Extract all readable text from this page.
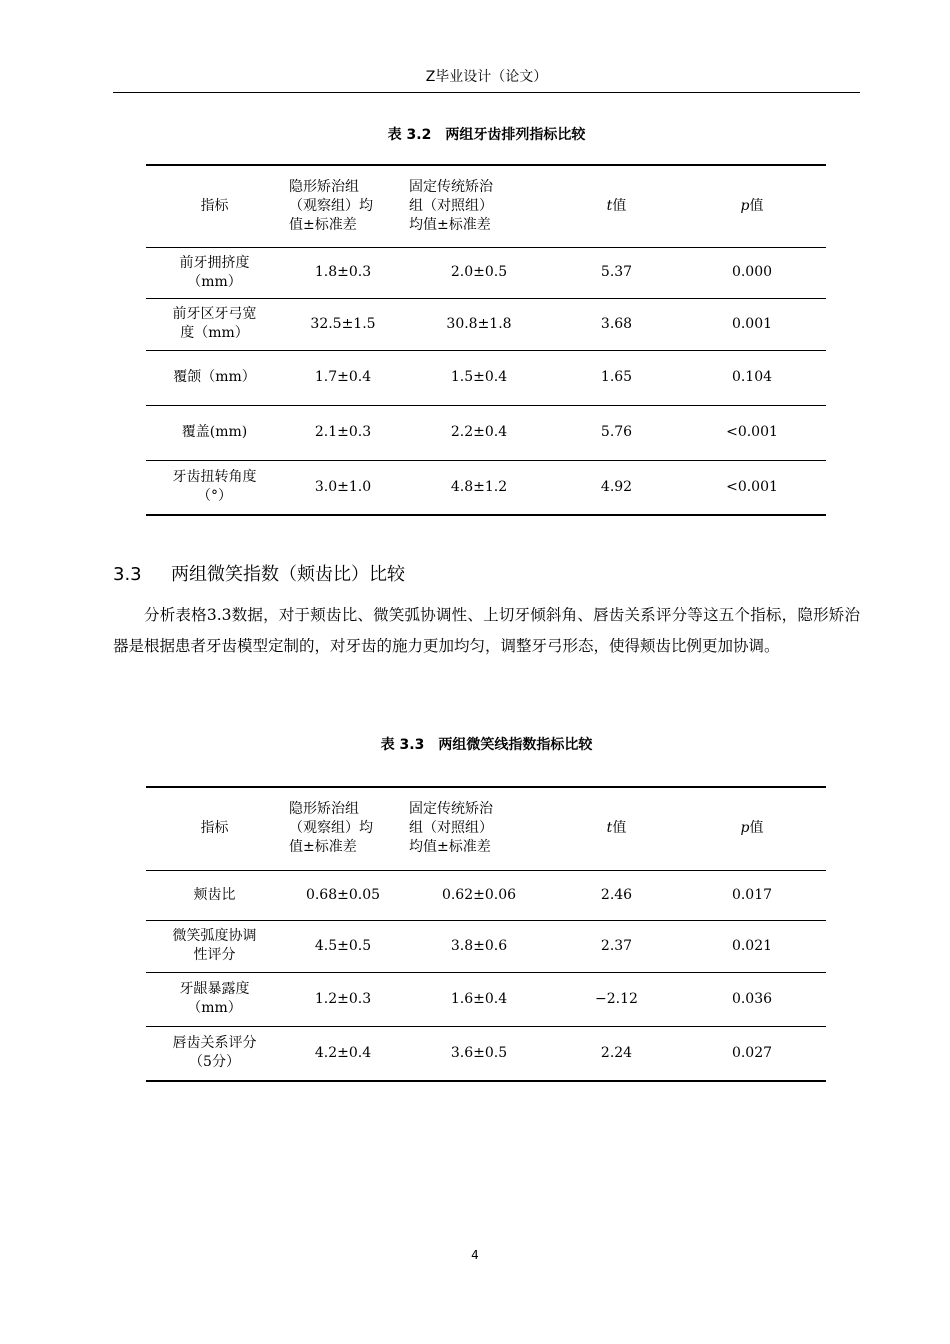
Z毕业设计（论文）
表 3.2　两组牙齿排列指标比较
指标	隐形矫治组
（观察组）均
值±标准差	固定传统矫治
组（对照组）
均值±标准差	t值	p值
前牙拥挤度
（mm）	1.8±0.3	2.0±0.5	5.37	0.000
前牙区牙弓宽
度（mm）	32.5±1.5	30.8±1.8	3.68	0.001
覆颌（mm）	1.7±0.4	1.5±0.4	1.65	0.104
覆盖(mm)	2.1±0.3	2.2±0.4	5.76	<0.001
牙齿扭转角度
（°）	3.0±1.0	4.8±1.2	4.92	<0.001
3.3 两组微笑指数（颊齿比）比较
分析表格3.3数据，对于颊齿比、微笑弧协调性、上切牙倾斜角、唇齿关系评分等这五个指标，隐形矫治器是根据患者牙齿模型定制的，对牙齿的施力更加均匀，调整牙弓形态，使得颊齿比例更加协调。
表 3.3　两组微笑线指数指标比较
指标	隐形矫治组
（观察组）均
值±标准差	固定传统矫治
组（对照组）
均值±标准差	t值	p值
颊齿比	0.68±0.05	0.62±0.06	2.46	0.017
微笑弧度协调
性评分	4.5±0.5	3.8±0.6	2.37	0.021
牙龈暴露度
（mm）	1.2±0.3	1.6±0.4	−2.12	0.036
唇齿关系评分
（5分）	4.2±0.4	3.6±0.5	2.24	0.027
4
